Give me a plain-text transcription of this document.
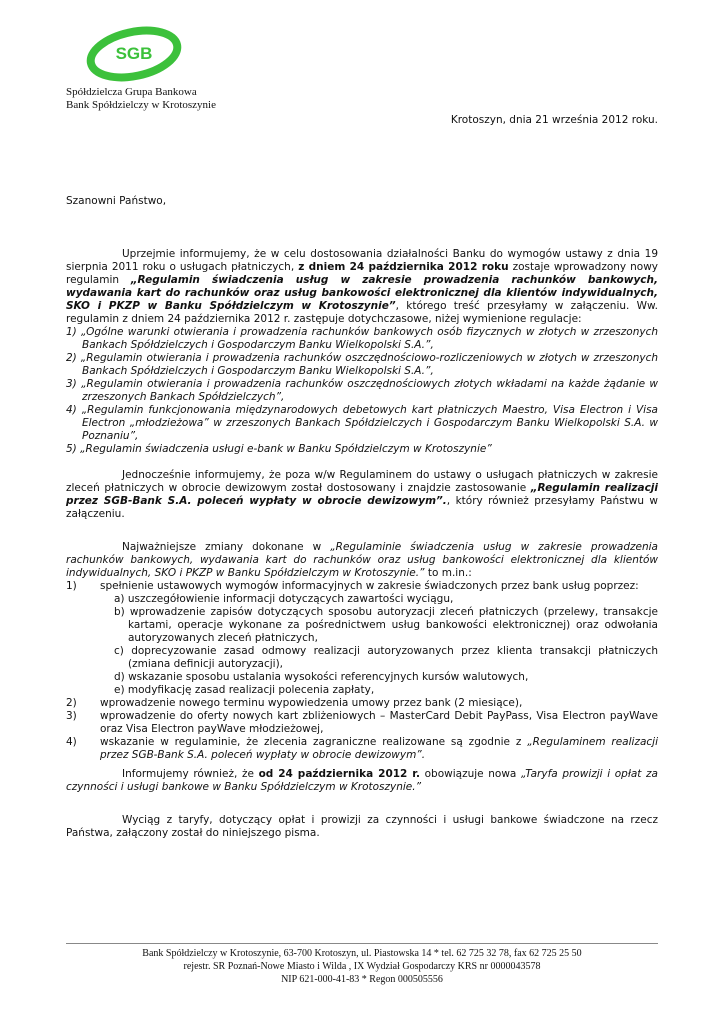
SGB
Spółdzielcza Grupa Bankowa
Bank Spółdzielczy w Krotoszynie
Krotoszyn, dnia 21 września 2012 roku.
Szanowni Państwo,

Uprzejmie informujemy, że w celu dostosowania działalności Banku do wymogów ustawy z dnia 19 sierpnia 2011 roku o usługach płatniczych, z dniem 24 października 2012 roku zostaje wprowadzony nowy regulamin „Regulamin świadczenia usług w zakresie prowadzenia rachunków bankowych, wydawania kart do rachunków oraz usług bankowości elektronicznej dla klientów indywidualnych, SKO i PKZP w Banku Spółdzielczym w Krotoszynie”, którego treść przesyłamy w załączeniu. Ww. regulamin z dniem 24 października 2012 r. zastępuje dotychczasowe, niżej wymienione regulacje:

1) „Ogólne warunki otwierania i prowadzenia rachunków bankowych osób fizycznych w złotych w zrzeszonych Bankach Spółdzielczych i Gospodarczym Banku Wielkopolski S.A.”,
2) „Regulamin otwierania i prowadzenia rachunków oszczędnościowo-rozliczeniowych w złotych w zrzeszonych Bankach Spółdzielczych i Gospodarczym Banku Wielkopolski S.A.”,
3) „Regulamin otwierania i prowadzenia rachunków oszczędnościowych złotych wkładami na każde żądanie w zrzeszonych Bankach Spółdzielczych”,
4) „Regulamin funkcjonowania międzynarodowych debetowych kart płatniczych Maestro, Visa Electron i Visa Electron „młodzieżowa” w zrzeszonych Bankach Spółdzielczych i Gospodarczym Banku Wielkopolski S.A. w Poznaniu”,
5) „Regulamin świadczenia usługi e-bank w Banku Spółdzielczym w Krotoszynie”

Jednocześnie informujemy, że poza w/w Regulaminem do ustawy o usługach płatniczych w zakresie zleceń płatniczych w obrocie dewizowym został dostosowany i znajdzie zastosowanie „Regulamin realizacji przez SGB-Bank S.A. poleceń wypłaty w obrocie dewizowym”., który również przesyłamy Państwu w załączeniu.

Najważniejsze zmiany dokonane w „Regulaminie świadczenia usług w zakresie prowadzenia rachunków bankowych, wydawania kart do rachunków oraz usług bankowości elektronicznej dla klientów indywidualnych, SKO i PKZP w Banku Spółdzielczym w Krotoszynie.” to m.in.:

1) spełnienie ustawowych wymogów informacyjnych w zakresie świadczonych przez bank usług poprzez:
a) uszczegółowienie informacji dotyczących zawartości wyciągu,
b) wprowadzenie zapisów dotyczących sposobu autoryzacji zleceń płatniczych (przelewy, transakcje kartami, operacje wykonane za pośrednictwem usług bankowości elektronicznej) oraz odwołania autoryzowanych zleceń płatniczych,
c) doprecyzowanie zasad odmowy realizacji autoryzowanych przez klienta transakcji płatniczych (zmiana definicji autoryzacji),
d) wskazanie sposobu ustalania wysokości referencyjnych kursów walutowych,
e) modyfikację zasad realizacji polecenia zapłaty,
2) wprowadzenie nowego terminu wypowiedzenia umowy przez bank (2 miesiące),
3) wprowadzenie do oferty nowych kart zbliżeniowych – MasterCard Debit PayPass, Visa Electron payWave oraz Visa Electron payWave młodzieżowej,
4) wskazanie w regulaminie, że zlecenia zagraniczne realizowane są zgodnie z „Regulaminem realizacji przez SGB-Bank S.A. poleceń wypłaty w obrocie dewizowym”.

Informujemy również, że od 24 października 2012 r. obowiązuje nowa „Taryfa prowizji i opłat za czynności i usługi bankowe w Banku Spółdzielczym w Krotoszynie.”

Wyciąg z taryfy, dotyczący opłat i prowizji za czynności i usługi bankowe świadczone na rzecz Państwa, załączony został do niniejszego pisma.

Bank Spółdzielczy w Krotoszynie, 63-700 Krotoszyn, ul. Piastowska 14 * tel. 62 725 32 78, fax 62 725 25 50
rejestr. SR Poznań-Nowe Miasto i Wilda , IX Wydział Gospodarczy KRS nr 0000043578
NIP 621-000-41-83 * Regon 000505556
